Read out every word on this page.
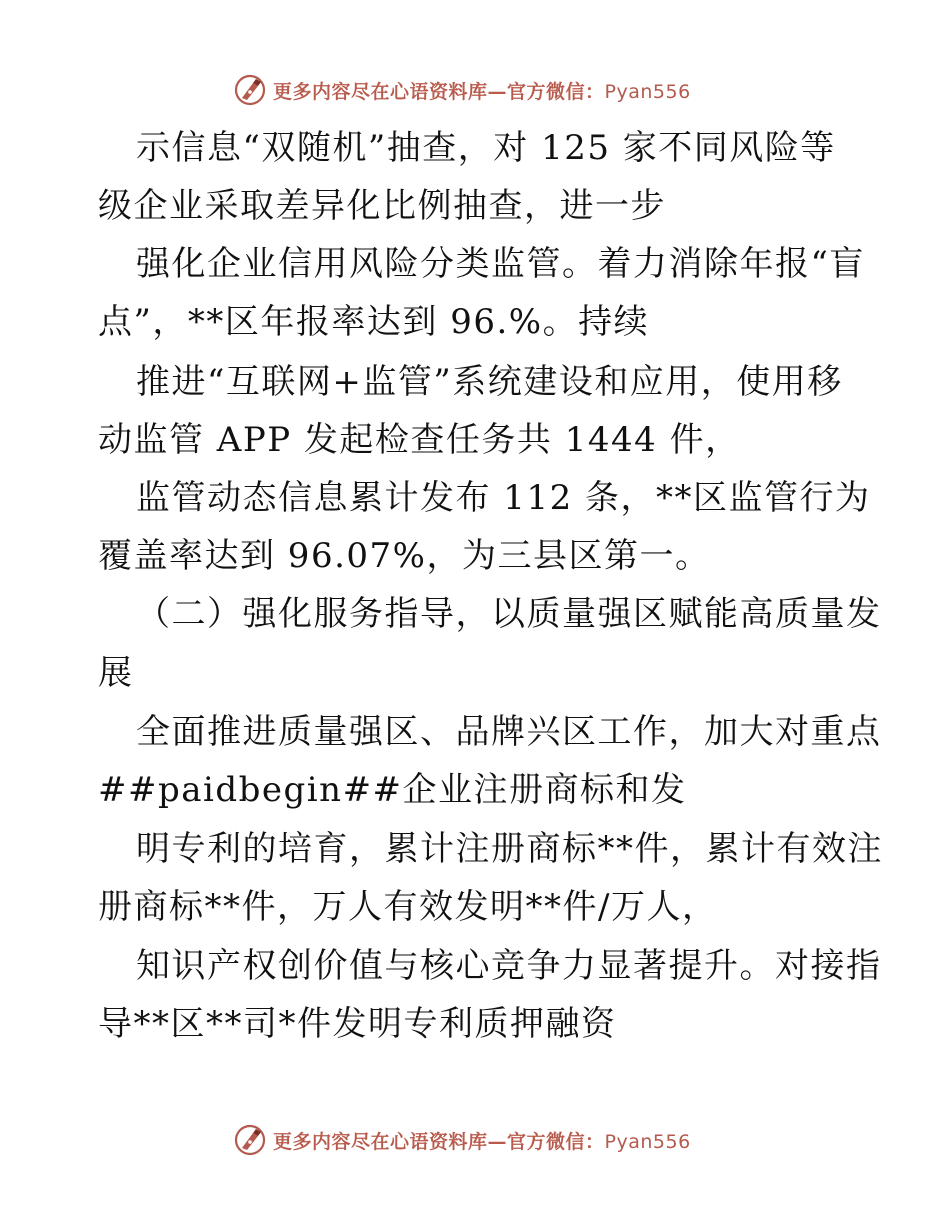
更多内容尽在心语资料库—官方微信：Pyan556
示信息“双随机”抽查，对 125 家不同风险等
级企业采取差异化比例抽查，进一步
强化企业信用风险分类监管。着力消除年报“盲
点”，**区年报率达到 96.%。持续
推进“互联网+监管”系统建设和应用，使用移
动监管 APP 发起检查任务共 1444 件，
监管动态信息累计发布 112 条，**区监管行为
覆盖率达到 96.07%，为三县区第一。
（二）强化服务指导，以质量强区赋能高质量发
展
全面推进质量强区、品牌兴区工作，加大对重点
##paidbegin##企业注册商标和发
明专利的培育，累计注册商标**件，累计有效注
册商标**件，万人有效发明**件/万人，
知识产权创价值与核心竞争力显著提升。对接指
导**区**司*件发明专利质押融资
更多内容尽在心语资料库—官方微信：Pyan556
